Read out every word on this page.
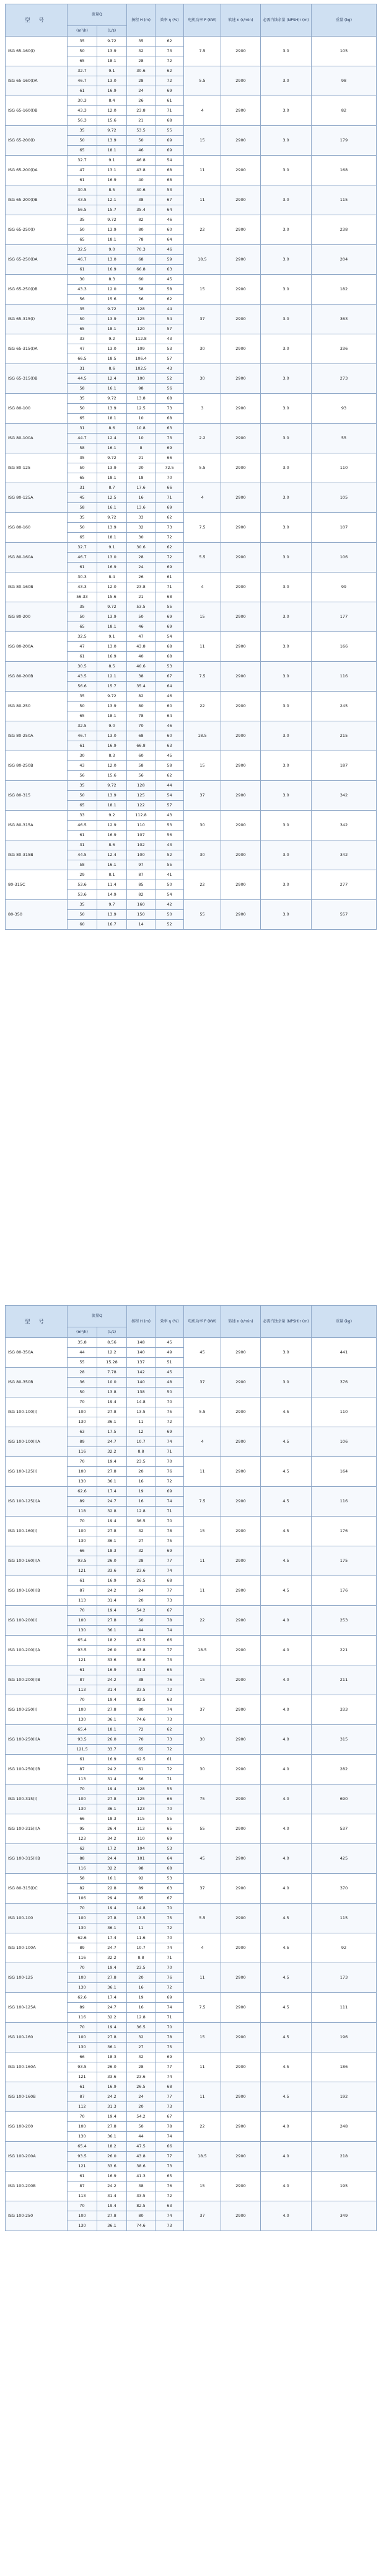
型 号	流量Q		扬程 H (m)	效率 η (%)	电机功率 P (KW)	转速 n (r/min)	必需汽蚀余量 (NPSH)r (m)	重量 (kg)
	(m³/h)	(L/s)						
ISG 65-160(I)	35	9.72	35	62	7.5	2900	3.0	105
	50	13.9	32	73				
	65	18.1	28	72				
ISG 65-160(I)A	32.7	9.1	30.6	62	5.5	2900	3.0	98
	46.7	13.0	28	72				
	61	16.9	24	69				
ISG 65-160(I)B	30.3	8.4	26	61	4	2900	3.0	82
	43.3	12.0	23.8	71				
	56.3	15.6	21	68				
ISG 65-200(I)	35	9.72	53.5	55	15	2900	3.0	179
	50	13.9	50	69				
	65	18.1	46	69				
ISG 65-200(I)A	32.7	9.1	46.8	54	11	2900	3.0	168
	47	13.1	43.8	68				
	61	16.9	40	68				
ISG 65-200(I)B	30.5	8.5	40.6	53	11	2900	3.0	115
	43.5	12.1	38	67				
	56.5	15.7	35.4	64				
ISG 65-250(I)	35	9.72	82	46	22	2900	3.0	238
	50	13.9	80	60				
	65	18.1	78	64				
ISG 65-250(I)A	32.5	9.0	70.3	46	18.5	2900	3.0	204
	46.7	13.0	68	59				
	61	16.9	66.8	63				
ISG 65-250(I)B	30	8.3	60	45	15	2900	3.0	182
	43.3	12.0	58	58				
	56	15.6	56	62				
ISG 65-315(I)	35	9.72	128	44	37	2900	3.0	363
	50	13.9	125	54				
	65	18.1	120	57				
ISG 65-315(I)A	33	9.2	112.8	43	30	2900	3.0	336
	47	13.0	109	53				
	66.5	18.5	106.4	57				
ISG 65-315(I)B	31	8.6	102.5	43	30	2900	3.0	273
	44.5	12.4	100	52				
	58	16.1	98	56				
ISG 80-100	35	9.72	13.8	68	3	2900	3.0	93
	50	13.9	12.5	73				
	65	18.1	10	68				
ISG 80-100A	31	8.6	10.8	63	2.2	2900	3.0	55
	44.7	12.4	10	73				
	58	16.1	8	69				
ISG 80-125	35	9.72	21	66	5.5	2900	3.0	110
	50	13.9	20	72.5				
	65	18.1	18	70				
ISG 80-125A	31	8.7	17.6	66	4	2900	3.0	105
	45	12.5	16	71				
	58	16.1	13.6	69				
ISG 80-160	35	9.72	33	62	7.5	2900	3.0	107
	50	13.9	32	73				
	65	18.1	30	72				
ISG 80-160A	32.7	9.1	30.6	62	5.5	2900	3.0	106
	46.7	13.0	28	72				
	61	16.9	24	69				
ISG 80-160B	30.3	8.4	26	61	4	2900	3.0	99
	43.3	12.0	23.8	71				
	56.33	15.6	21	68				
ISG 80-200	35	9.72	53.5	55	15	2900	3.0	177
	50	13.9	50	69				
	65	18.1	46	69				
ISG 80-200A	32.5	9.1	47	54	11	2900	3.0	166
	47	13.0	43.8	68				
	61	16.9	40	68				
ISG 80-200B	30.5	8.5	40.6	53	7.5	2900	3.0	116
	43.5	12.1	38	67				
	56.6	15.7	35.4	64				
ISG 80-250	35	9.72	82	46	22	2900	3.0	245
	50	13.9	80	60				
	65	18.1	78	64				
ISG 80-250A	32.5	9.0	70	46	18.5	2900	3.0	215
	46.7	13.0	68	60				
	61	16.9	66.8	63				
ISG 80-250B	30	8.3	60	45	15	2900	3.0	187
	43	12.0	58	58				
	56	15.6	56	62				
ISG 80-315	35	9.72	128	44	37	2900	3.0	342
	50	13.9	125	54				
	65	18.1	122	57				
ISG 80-315A	33	9.2	112.8	43	30	2900	3.0	342
	46.5	12.9	110	53				
	61	16.9	107	56				
ISG 80-315B	31	8.6	102	43	30	2900	3.0	342
	44.5	12.4	100	52				
	58	16.1	97	55				
80-315C	29	8.1	87	41	22	2900	3.0	277
	53.6	11.4	85	50				
	53.6	14.9	82	54				
80-350	35	9.7	160	42	55	2900	3.0	557
	50	13.9	150	50				
	60	16.7	14	52				
型 号	流量Q		扬程 H (m)	效率 η (%)	电机功率 P (KW)	转速 n (r/min)	必需汽蚀余量 (NPSH)r (m)	重量 (kg)
	(m³/h)	(L/s)						
ISG 80-350A	35.8	8.56	148	45	45	2900	3.0	441
	44	12.2	140	49				
	55	15.28	137	51				
ISG 80-350B	28	7.78	142	45	37	2900	3.0	376
	36	10.0	140	48				
	50	13.8	138	50				
ISG 100-100(I)	70	19.4	14.8	70	5.5	2900	4.5	110
	100	27.8	13.5	75				
	130	36.1	11	72				
ISG 100-100(I)A	63	17.5	12	69	4	2900	4.5	106
	89	24.7	10.7	74				
	116	32.2	8.8	71				
ISG 100-125(I)	70	19.4	23.5	70	11	2900	4.5	164
	100	27.8	20	76				
	130	36.1	16	72				
ISG 100-125(I)A	62.6	17.4	19	69	7.5	2900	4.5	116
	89	24.7	16	74				
	118	32.8	12.8	71				
ISG 100-160(I)	70	19.4	36.5	70	15	2900	4.5	176
	100	27.8	32	78				
	130	36.1	27	75				
ISG 100-160(I)A	66	18.3	32	69	11	2900	4.5	175
	93.5	26.0	28	77				
	121	33.6	23.6	74				
ISG 100-160(I)B	61	16.9	26.5	68	11	2900	4.5	176
	87	24.2	24	77				
	113	31.4	20	73				
ISG 100-200(I)	70	19.4	54.2	67	22	2900	4.0	253
	100	27.8	50	78				
	130	36.1	44	74				
ISG 100-200(I)A	65.4	18.2	47.5	66	18.5	2900	4.0	221
	93.5	26.0	43.8	77				
	121	33.6	38.6	73				
ISG 100-200(I)B	61	16.9	41.3	65	15	2900	4.0	211
	87	24.2	38	76				
	113	31.4	33.5	72				
ISG 100-250(I)	70	19.4	82.5	63	37	2900	4.0	333
	100	27.8	80	74				
	130	36.1	74.6	73				
ISG 100-250(I)A	65.4	18.1	72	62	30	2900	4.0	315
	93.5	26.0	70	73				
	121.5	33.7	65	72				
ISG 100-250(I)B	61	16.9	62.5	61	30	2900	4.0	282
	87	24.2	61	72				
	113	31.4	56	71				
ISG 100-315(I)	70	19.4	128	55	75	2900	4.0	690
	100	27.8	125	66				
	130	36.1	123	70				
ISG 100-315(I)A	66	18.3	115	55	55	2900	4.0	537
	95	26.4	113	65				
	123	34.2	110	69				
ISG 100-315(I)B	62	17.2	104	53	45	2900	4.0	425
	88	24.4	101	64				
	116	32.2	98	68				
ISG 80-315(I)C	58	16.1	92	53	37	2900	4.0	370
	82	22.8	89	63				
	106	29.4	85	67				
ISG 100-100	70	19.4	14.8	70	5.5	2900	4.5	115
	100	27.8	13.5	75				
	130	36.1	11	72				
ISG 100-100A	62.6	17.4	11.6	70	4	2900	4.5	92
	89	24.7	10.7	74				
	116	32.2	8.8	71				
ISG 100-125	70	19.4	23.5	70	11	2900	4.5	173
	100	27.8	20	76				
	130	36.1	16	72				
ISG 100-125A	62.6	17.4	19	69	7.5	2900	4.5	111
	89	24.7	16	74				
	116	32.2	12.8	71				
ISG 100-160	70	19.4	36.5	70	15	2900	4.5	196
	100	27.8	32	78				
	130	36.1	27	75				
ISG 100-160A	66	18.3	32	69	11	2900	4.5	186
	93.5	26.0	28	77				
	121	33.6	23.6	74				
ISG 100-160B	61	16.9	26.5	68	11	2900	4.5	192
	87	24.2	24	77				
	112	31.3	20	73				
ISG 100-200	70	19.4	54.2	67	22	2900	4.0	248
	100	27.8	50	78				
	130	36.1	44	74				
ISG 100-200A	65.4	18.2	47.5	66	18.5	2900	4.0	218
	93.5	26.0	43.8	77				
	121	33.6	38.6	73				
ISG 100-200B	61	16.9	41.3	65	15	2900	4.0	195
	87	24.2	38	76				
	113	31.4	33.5	72				
ISG 100-250	70	19.4	82.5	63	37	2900	4.0	349
	100	27.8	80	74				
	130	36.1	74.6	73				
